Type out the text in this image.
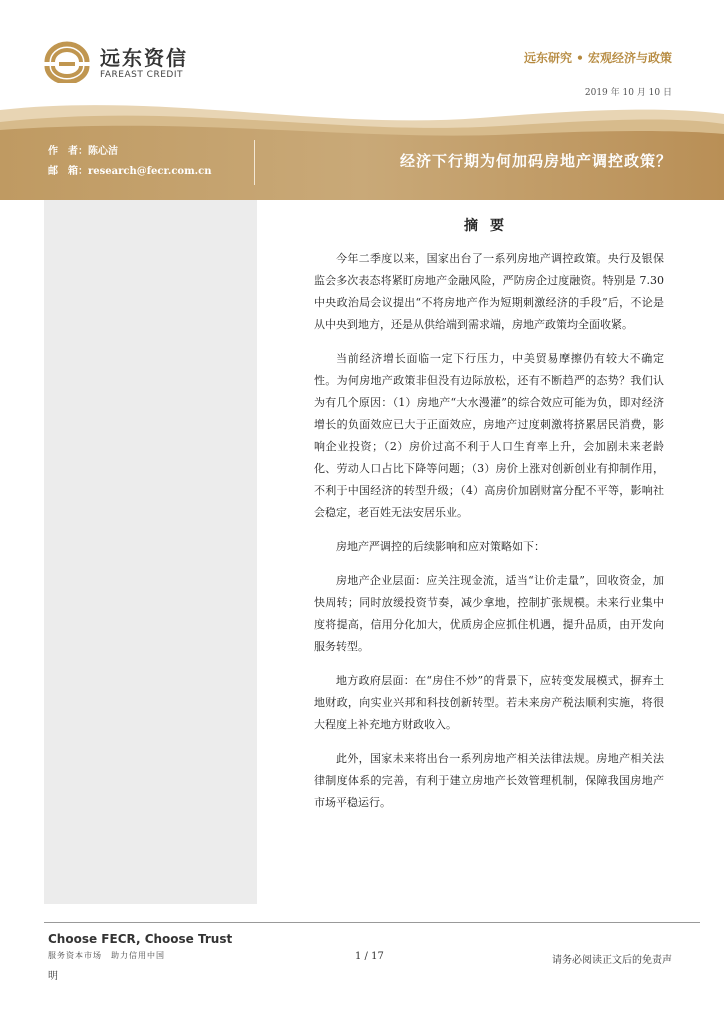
远东资信
FAREAST CREDIT
远东研究 • 宏观经济与政策
2019 年 10 月 10 日
作　者：陈心洁
邮　箱：research@fecr.com.cn
经济下行期为何加码房地产调控政策？
摘要

今年二季度以来，国家出台了一系列房地产调控政策。央行及银保监会多次表态将紧盯房地产金融风险，严防房企过度融资。特别是 7.30 中央政治局会议提出“不将房地产作为短期刺激经济的手段”后，不论是从中央到地方，还是从供给端到需求端，房地产政策均全面收紧。

当前经济增长面临一定下行压力，中美贸易摩擦仍有较大不确定性。为何房地产政策非但没有边际放松，还有不断趋严的态势？我们认为有几个原因：（1）房地产“大水漫灌”的综合效应可能为负，即对经济增长的负面效应已大于正面效应，房地产过度刺激将挤累居民消费，影响企业投资；（2）房价过高不利于人口生育率上升，会加剧未来老龄化、劳动人口占比下降等问题；（3）房价上涨对创新创业有抑制作用，不利于中国经济的转型升级；（4）高房价加剧财富分配不平等，影响社会稳定，老百姓无法安居乐业。

房地产严调控的后续影响和应对策略如下：

房地产企业层面：应关注现金流，适当“让价走量”，回收资金，加快周转；同时放缓投资节奏，减少拿地，控制扩张规模。未来行业集中度将提高，信用分化加大，优质房企应抓住机遇，提升品质，由开发向服务转型。

地方政府层面：在“房住不炒”的背景下，应转变发展模式，摒弃土地财政，向实业兴邦和科技创新转型。若未来房产税法顺利实施，将很大程度上补充地方财政收入。

此外，国家未来将出台一系列房地产相关法律法规。房地产相关法律制度体系的完善，有利于建立房地产长效管理机制，保障我国房地产市场平稳运行。

Choose FECR, Choose Trust
服务资本市场　助力信用中国	1 / 17	请务必阅读正文后的免责声
明
